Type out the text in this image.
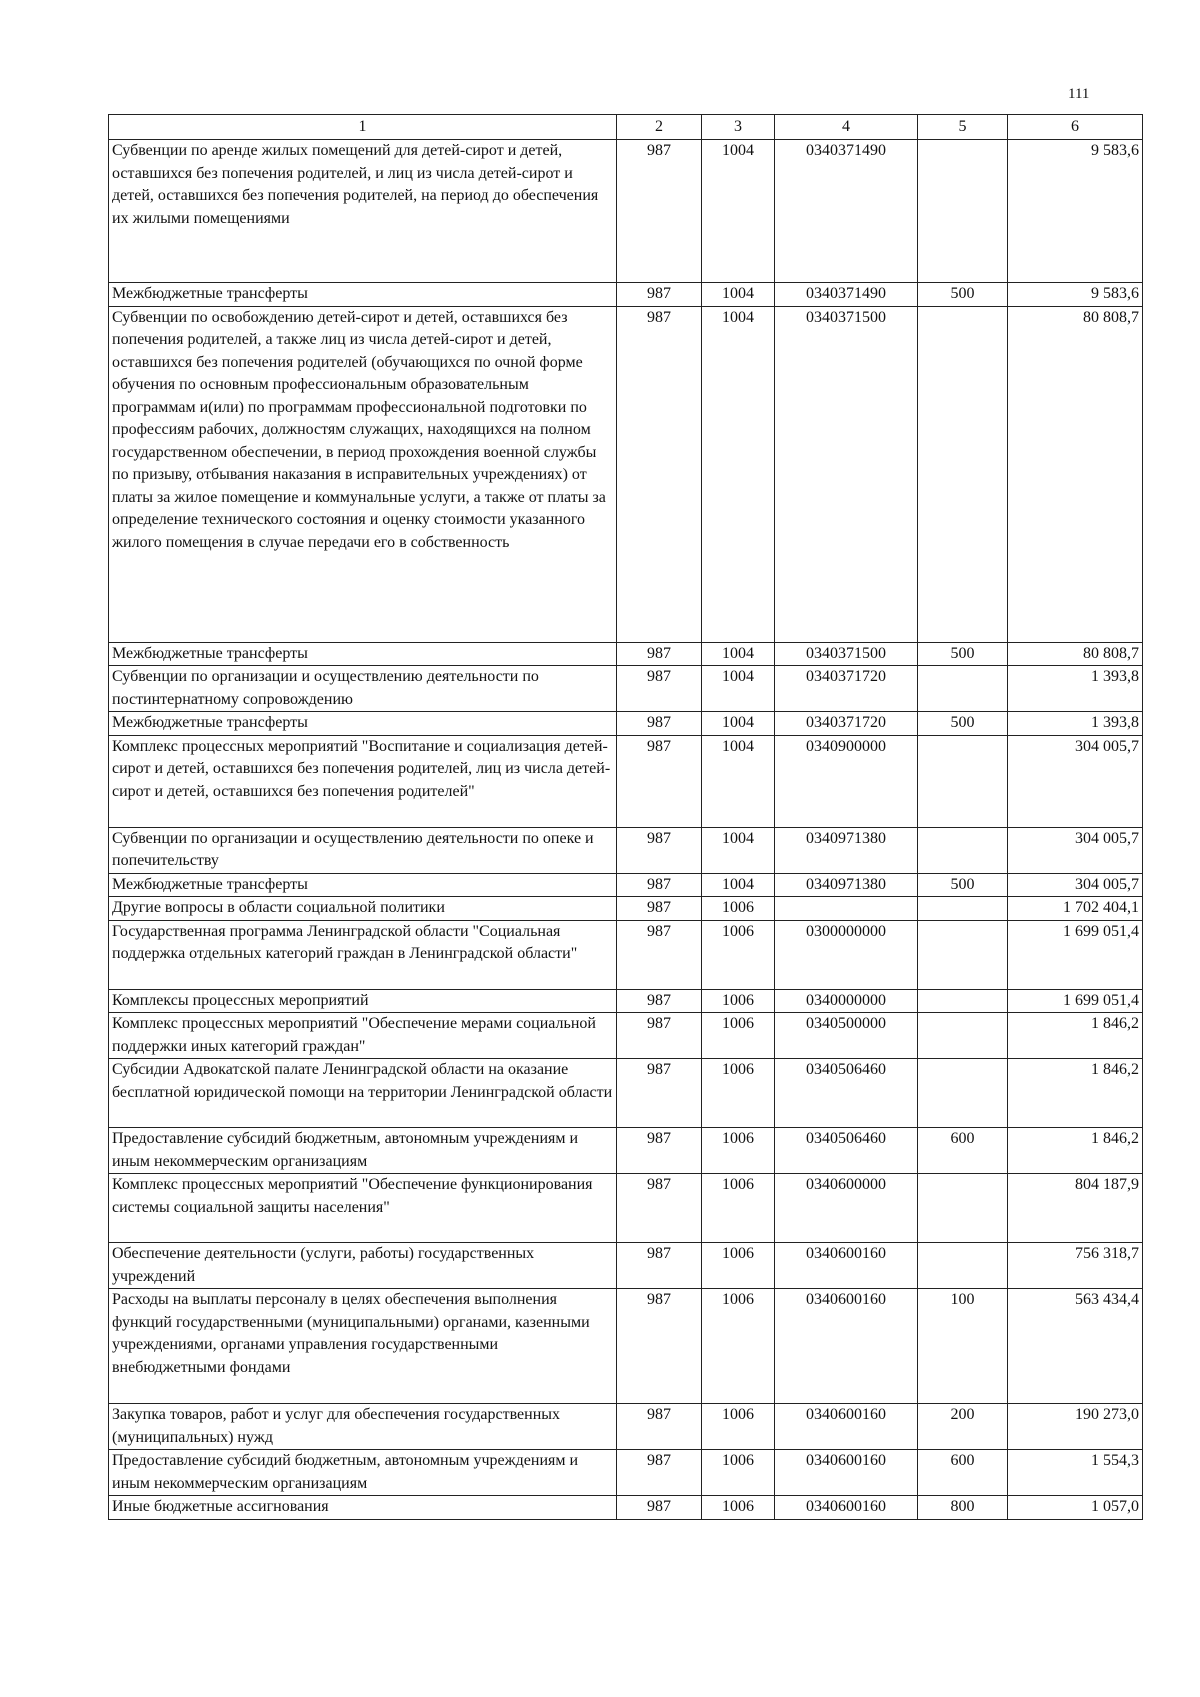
111
1	2	3	4	5	6
Субвенции по аренде жилых помещений для детей-сирот и детей, оставшихся без попечения родителей, и лиц из числа детей-сирот и детей, оставшихся без попечения родителей, на период до обеспечения их жилыми помещениями	987	1004	0340371490		9 583,6
Межбюджетные трансферты	987	1004	0340371490	500	9 583,6
Субвенции по освобождению детей-сирот и детей, оставшихся без попечения родителей, а также лиц из числа детей-сирот и детей, оставшихся без попечения родителей (обучающихся по очной форме обучения по основным профессиональным образовательным программам и(или) по программам профессиональной подготовки по профессиям рабочих, должностям служащих, находящихся на полном государственном обеспечении, в период прохождения военной службы по призыву, отбывания наказания в исправительных учреждениях) от платы за жилое помещение и коммунальные услуги, а также от платы за определение технического состояния и оценку стоимости указанного жилого помещения в случае передачи его в собственность	987	1004	0340371500		80 808,7
Межбюджетные трансферты	987	1004	0340371500	500	80 808,7
Субвенции по организации и осуществлению деятельности по постинтернатному сопровождению	987	1004	0340371720		1 393,8
Межбюджетные трансферты	987	1004	0340371720	500	1 393,8
Комплекс процессных мероприятий "Воспитание и социализация детей-сирот и детей, оставшихся без попечения родителей, лиц из числа детей-сирот и детей, оставшихся без попечения родителей"	987	1004	0340900000		304 005,7
Субвенции по организации и осуществлению деятельности по опеке и попечительству	987	1004	0340971380		304 005,7
Межбюджетные трансферты	987	1004	0340971380	500	304 005,7
Другие вопросы в области социальной политики	987	1006			1 702 404,1
Государственная программа Ленинградской области "Социальная поддержка отдельных категорий граждан в Ленинградской области"	987	1006	0300000000		1 699 051,4
Комплексы процессных мероприятий	987	1006	0340000000		1 699 051,4
Комплекс процессных мероприятий "Обеспечение мерами социальной поддержки иных категорий граждан"	987	1006	0340500000		1 846,2
Субсидии Адвокатской палате Ленинградской области на оказание бесплатной юридической помощи на территории Ленинградской области	987	1006	0340506460		1 846,2
Предоставление субсидий бюджетным, автономным учреждениям и иным некоммерческим организациям	987	1006	0340506460	600	1 846,2
Комплекс процессных мероприятий "Обеспечение функционирования системы социальной защиты населения"	987	1006	0340600000		804 187,9
Обеспечение деятельности (услуги, работы) государственных учреждений	987	1006	0340600160		756 318,7
Расходы на выплаты персоналу в целях обеспечения выполнения функций государственными (муниципальными) органами, казенными учреждениями, органами управления государственными внебюджетными фондами	987	1006	0340600160	100	563 434,4
Закупка товаров, работ и услуг для обеспечения государственных (муниципальных) нужд	987	1006	0340600160	200	190 273,0
Предоставление субсидий бюджетным, автономным учреждениям и иным некоммерческим организациям	987	1006	0340600160	600	1 554,3
Иные бюджетные ассигнования	987	1006	0340600160	800	1 057,0
